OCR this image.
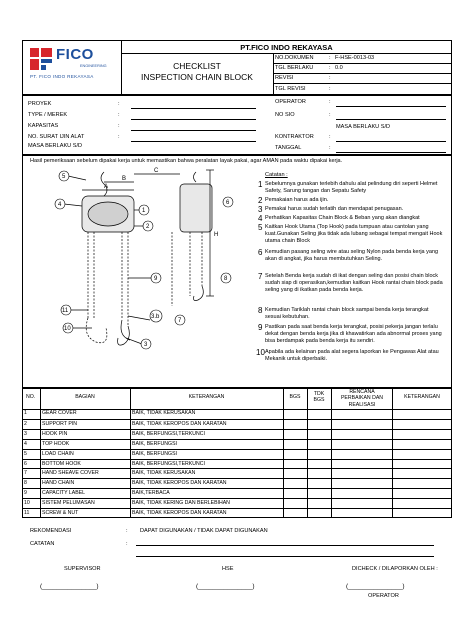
FICO
ENGINEERING
PT. FICO INDO REKAYASA
PT.FICO INDO REKAYASA
CHECKLIST
INSPECTION CHAIN BLOCK
NO.DOKUMEN	: F-HSE-0013-03
TGL BERLAKU	: 0.0
REVISI	:
TGL REVISI	:
PROYEK	:
TYPE / MEREK	:
KAPASITAS	:
NO. SURAT IJIN ALAT	:
MASA BERLAKU S/D
OPERATOR	:
NO SIO	:
MASA BERLAKU S/D
KONTRAKTOR	:
TANGGAL	:
Hasil pemeriksaan sebelum dipakai kerja untuk memastikan bahwa peralatan layak pakai, agar AMAN pada waktu dipakai kerja.
5
4
A
B
C
1
2
H
9
11
3.b
7
10
3
8
6
Catatan :
1 Sebelumnya gunakan terlebih dahulu alat pelindung diri seperti Helmet Safety, Sarung tangan dan Sepatu Safety
2 Pemakaian harus ada ijin.
3 Pemakai harus sudah terlatih dan mendapat penugasan.
4 Perhatikan Kapasitas Chain Block & Beban yang akan diangkat
5 Kaitkan Hook Utama (Top Hook) pada tumpuan atau cantolan yang kuat.Gunakan Seling jika tidak ada lubang sebagai tempat mengait Hook utama chain Block
6 Kemudian pasang seling wire atau seling Nylon pada benda kerja yang akan di angkat, jika harus membutuhkan Seling.
7 Setelah Benda kerja sudah di ikat dengan seling dan posisi chain block sudah siap di operasikan,kemudian kaitkan Hook rantai chain block pada seling yang di ikatkan pada benda kerja.
8 Kemudian Tariklah rantai chain block sampai benda kerja terangkat sesuai kebutuhan.
9 Pastikan pada saat benda kerja terangkat, posisi pekerja jangan terlalu dekat dengan benda kerja jika di khawatirkan ada abnormal proses yang bisa berdampak pada benda kerja itu sendiri.
10 Apabila ada kelainan pada alat segera laporkan ke Pengawas Alat atau Mekanik untuk diperbaiki.
NO.	BAGIAN	KETERANGAN	BGS	TDK BGS
RENCANA PERBAIKAN DAN REALISASI
KETERANGAN
1	GEAR COVER	BAIK, TIDAK KERUSAKAN
2	SUPPORT PIN	BAIK, TIDAK KEROPOS DAN KARATAN
3	HOOK PIN	BAIK, BERFUNGSI,TERKUNCI
4	TOP HOOK	BAIK, BERFUNGSI
5	LOAD CHAIN	BAIK, BERFUNGSI
6	BOTTOM HOOK	BAIK, BERFUNGSI,TERKUNCI
7	HAND SHEAVE COVER	BAIK, TIDAK KERUSAKAN
8	HAND CHAIN	BAIK, TIDAK KEROPOS DAN KARATAN
9	CAPACITY LABEL	BAIK,TERBACA
10	SISTEM PELUMASAN	BAIK, TIDAK KERING DAN BERLEBIHAN
11	SCREW & NUT	BAIK, TIDAK KEROPOS DAN KARATAN
REKOMENDASI	: DAPAT DIGUNAKAN / TIDAK DAPAT DIGUNAKAN
CATATAN	:
SUPERVISOR	HSE	DICHECK / DILAPORKAN OLEH :
(_______________)	(_______________)	(_______________)
OPERATOR
